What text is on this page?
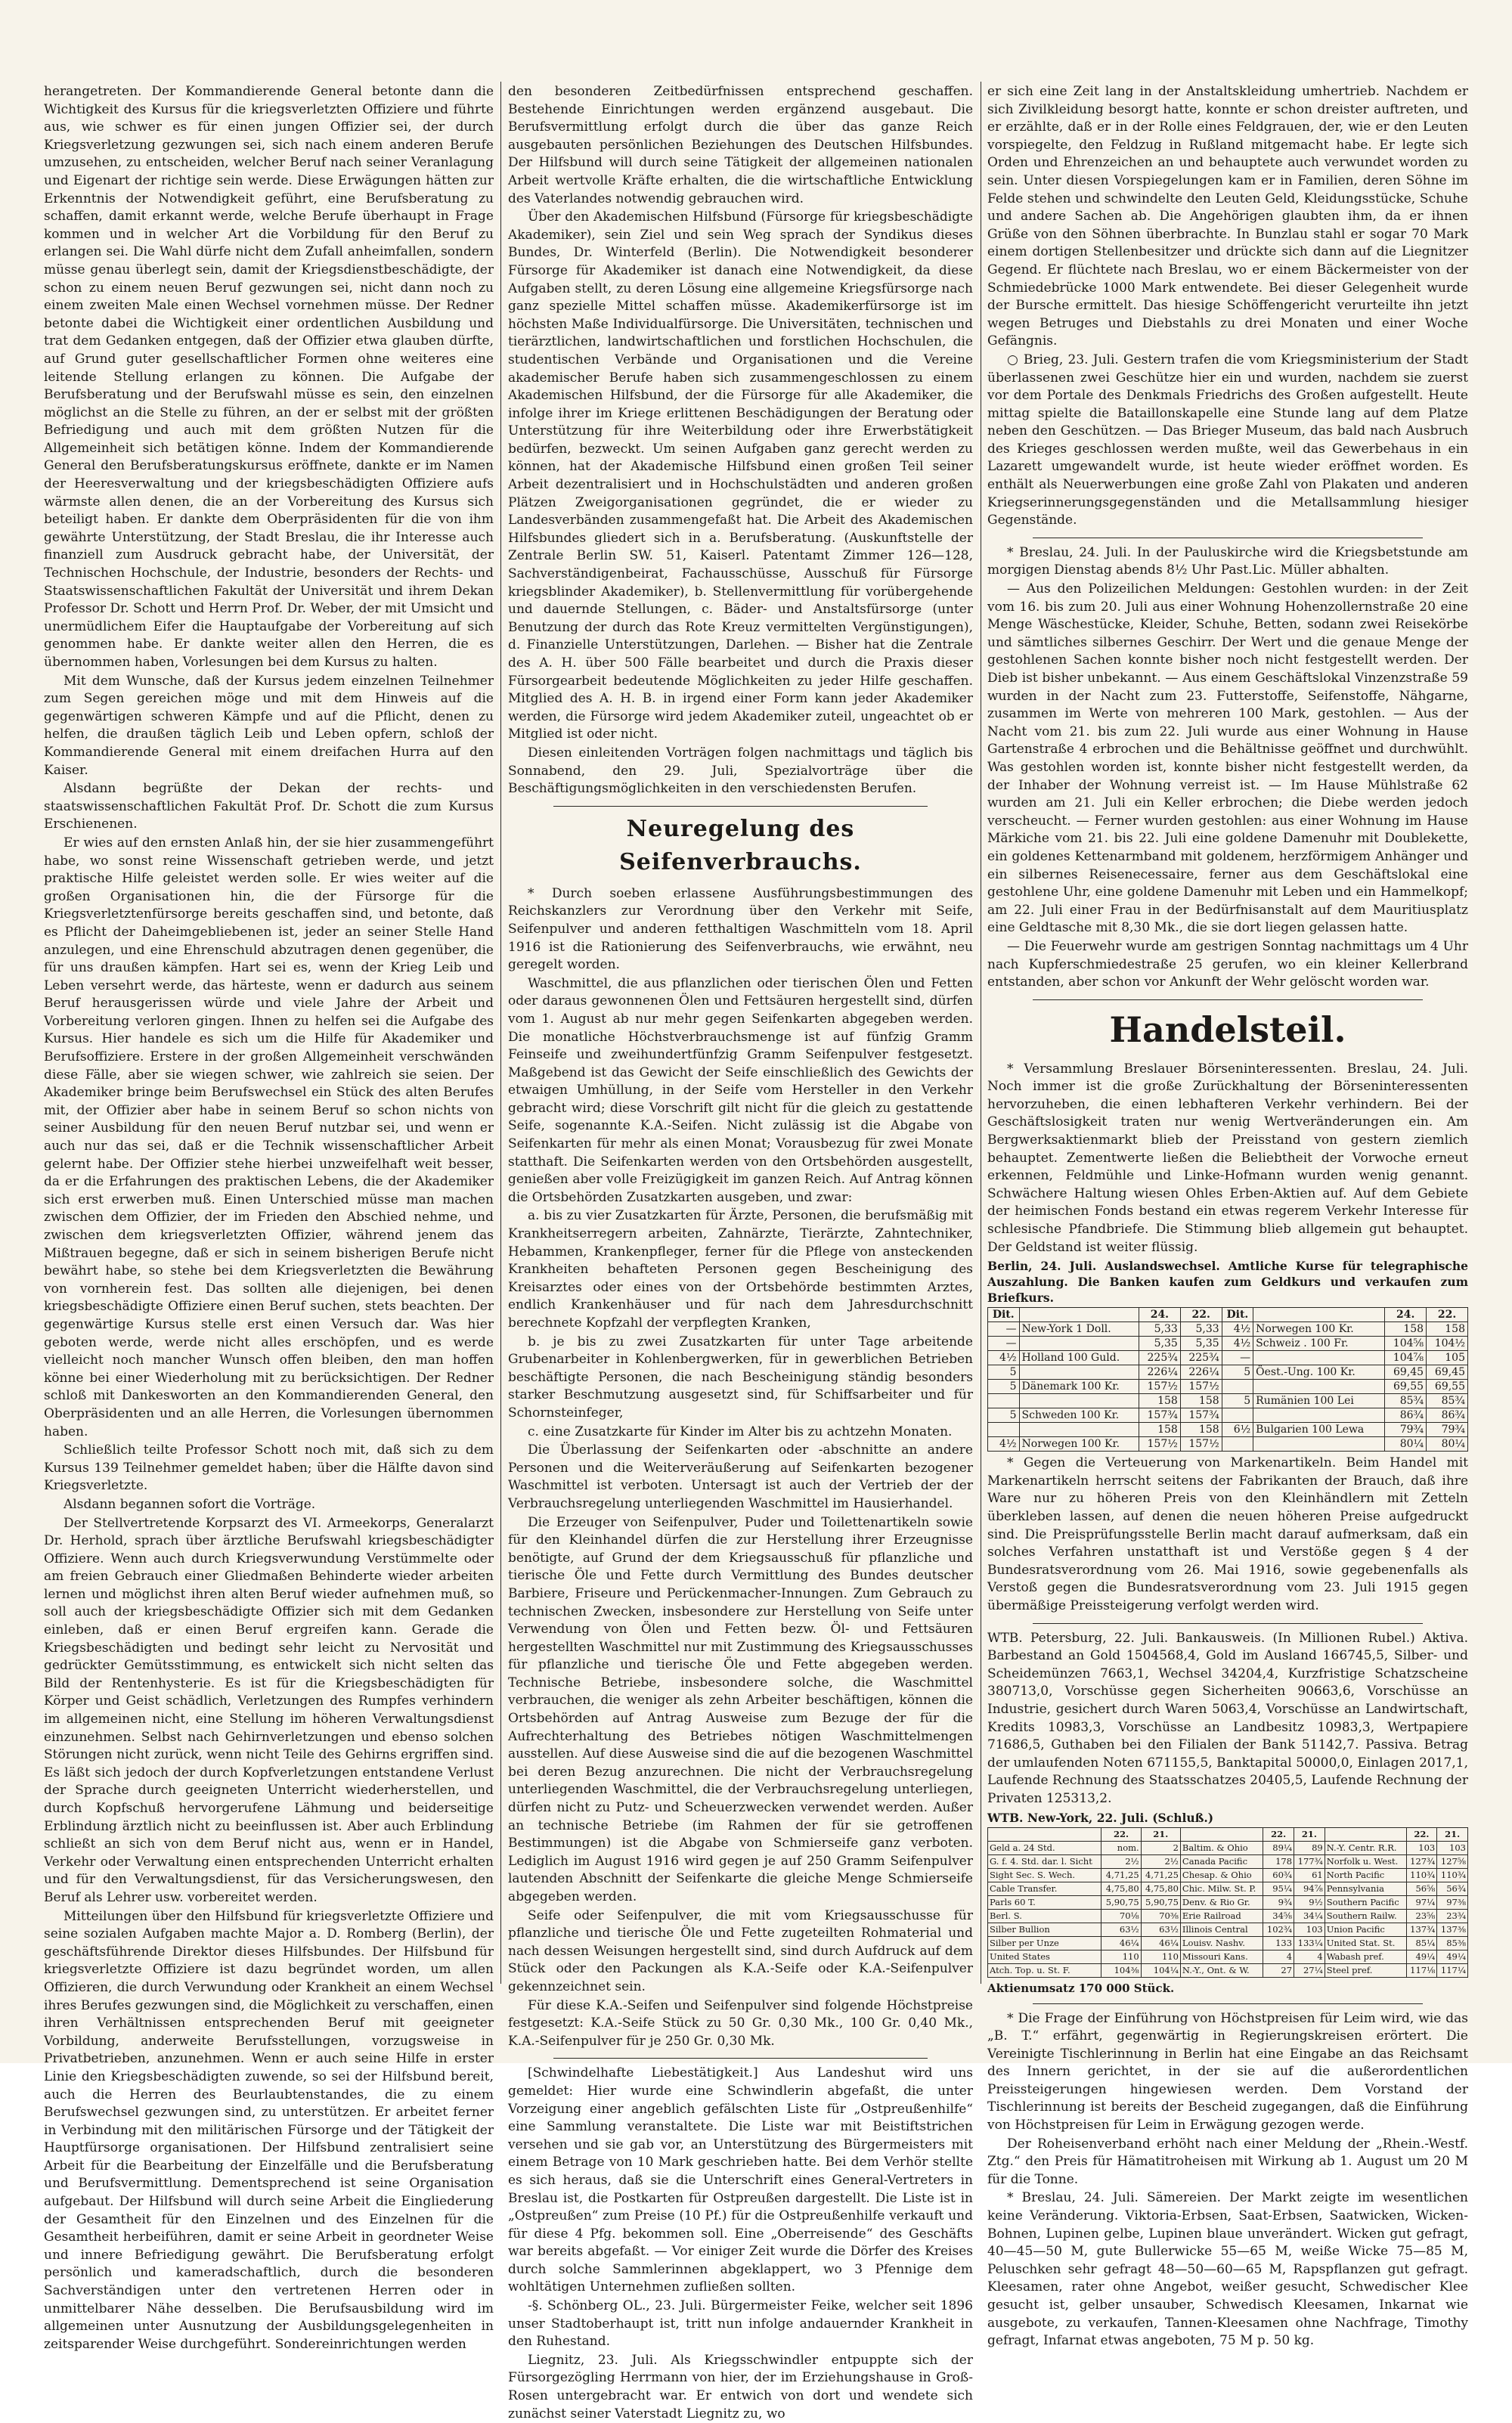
herangetreten. Der Kommandierende General betonte dann die Wichtigkeit des Kursus für die kriegsverletzten Offiziere und führte aus, wie schwer es für einen jungen Offizier sei, der durch Kriegsverletzung gezwungen sei, sich nach einem anderen Berufe umzusehen, zu entscheiden, welcher Beruf nach seiner Veranlagung und Eigenart der richtige sein werde. Diese Erwägungen hätten zur Erkenntnis der Notwendigkeit geführt, eine Berufsberatung zu schaffen, damit erkannt werde, welche Berufe überhaupt in Frage kommen und in welcher Art die Vorbildung für den Beruf zu erlangen sei. Die Wahl dürfe nicht dem Zufall anheimfallen, sondern müsse genau überlegt sein, damit der Kriegsdienstbeschädigte, der schon zu einem neuen Beruf gezwungen sei, nicht dann noch zu einem zweiten Male einen Wechsel vornehmen müsse. Der Redner betonte dabei die Wichtigkeit einer ordentlichen Ausbildung und trat dem Gedanken entgegen, daß der Offizier etwa glauben dürfte, auf Grund guter gesellschaftlicher Formen ohne weiteres eine leitende Stellung erlangen zu können. Die Aufgabe der Berufsberatung und der Berufswahl müsse es sein, den einzelnen möglichst an die Stelle zu führen, an der er selbst mit der größten Befriedigung und auch mit dem größten Nutzen für die Allgemeinheit sich betätigen könne. Indem der Kommandierende General den Berufsberatungskursus eröffnete, dankte er im Namen der Heeresverwaltung und der kriegsbeschädigten Offiziere aufs wärmste allen denen, die an der Vorbereitung des Kursus sich beteiligt haben. Er dankte dem Oberpräsidenten für die von ihm gewährte Unterstützung, der Stadt Breslau, die ihr Interesse auch finanziell zum Ausdruck gebracht habe, der Universität, der Technischen Hochschule, der Industrie, besonders der Rechts- und Staatswissenschaftlichen Fakultät der Universität und ihrem Dekan Professor Dr. Schott und Herrn Prof. Dr. Weber, der mit Umsicht und unermüdlichem Eifer die Hauptaufgabe der Vorbereitung auf sich genommen habe. Er dankte weiter allen den Herren, die es übernommen haben, Vorlesungen bei dem Kursus zu halten.

Mit dem Wunsche, daß der Kursus jedem einzelnen Teilnehmer zum Segen gereichen möge und mit dem Hinweis auf die gegenwärtigen schweren Kämpfe und auf die Pflicht, denen zu helfen, die draußen täglich Leib und Leben opfern, schloß der Kommandierende General mit einem dreifachen Hurra auf den Kaiser.

Alsdann begrüßte der Dekan der rechts- und staatswissenschaftlichen Fakultät Prof. Dr. Schott die zum Kursus Erschienenen.

Er wies auf den ernsten Anlaß hin, der sie hier zusammengeführt habe, wo sonst reine Wissenschaft getrieben werde, und jetzt praktische Hilfe geleistet werden solle. Er wies weiter auf die großen Organisationen hin, die der Fürsorge für die Kriegsverletztenfürsorge bereits geschaffen sind, und betonte, daß es Pflicht der Daheimgebliebenen ist, jeder an seiner Stelle Hand anzulegen, und eine Ehrenschuld abzutragen denen gegenüber, die für uns draußen kämpfen. Hart sei es, wenn der Krieg Leib und Leben versehrt werde, das härteste, wenn er dadurch aus seinem Beruf herausgerissen würde und viele Jahre der Arbeit und Vorbereitung verloren gingen. Ihnen zu helfen sei die Aufgabe des Kursus. Hier handele es sich um die Hilfe für Akademiker und Berufsoffiziere. Erstere in der großen Allgemeinheit verschwänden diese Fälle, aber sie wiegen schwer, wie zahlreich sie seien. Der Akademiker bringe beim Berufswechsel ein Stück des alten Berufes mit, der Offizier aber habe in seinem Beruf so schon nichts von seiner Ausbildung für den neuen Beruf nutzbar sei, und wenn er auch nur das sei, daß er die Technik wissenschaftlicher Arbeit gelernt habe. Der Offizier stehe hierbei unzweifelhaft weit besser, da er die Erfahrungen des praktischen Lebens, die der Akademiker sich erst erwerben muß. Einen Unterschied müsse man machen zwischen dem Offizier, der im Frieden den Abschied nehme, und zwischen dem kriegsverletzten Offizier, während jenem das Mißtrauen begegne, daß er sich in seinem bisherigen Berufe nicht bewährt habe, so stehe bei dem Kriegsverletzten die Bewährung von vornherein fest. Das sollten alle diejenigen, bei denen kriegsbeschädigte Offiziere einen Beruf suchen, stets beachten. Der gegenwärtige Kursus stelle erst einen Versuch dar. Was hier geboten werde, werde nicht alles erschöpfen, und es werde vielleicht noch mancher Wunsch offen bleiben, den man hoffen könne bei einer Wiederholung mit zu berücksichtigen. Der Redner schloß mit Dankesworten an den Kommandierenden General, den Oberpräsidenten und an alle Herren, die Vorlesungen übernommen haben.

Schließlich teilte Professor Schott noch mit, daß sich zu dem Kursus 139 Teilnehmer gemeldet haben; über die Hälfte davon sind Kriegsverletzte.

Alsdann begannen sofort die Vorträge.

Der Stellvertretende Korpsarzt des VI. Armeekorps, Generalarzt Dr. Herhold, sprach über ärztliche Berufswahl kriegsbeschädigter Offiziere. Wenn auch durch Kriegsverwundung Verstümmelte oder am freien Gebrauch einer Gliedmaßen Behinderte wieder arbeiten lernen und möglichst ihren alten Beruf wieder aufnehmen muß, so soll auch der kriegsbeschädigte Offizier sich mit dem Gedanken einleben, daß er einen Beruf ergreifen kann. Gerade die Kriegsbeschädigten und bedingt sehr leicht zu Nervosität und gedrückter Gemütsstimmung, es entwickelt sich nicht selten das Bild der Rentenhysterie. Es ist für die Kriegsbeschädigten für Körper und Geist schädlich, Verletzungen des Rumpfes verhindern im allgemeinen nicht, eine Stellung im höheren Verwaltungsdienst einzunehmen. Selbst nach Gehirnverletzungen und ebenso solchen Störungen nicht zurück, wenn nicht Teile des Gehirns ergriffen sind. Es läßt sich jedoch der durch Kopfverletzungen entstandene Verlust der Sprache durch geeigneten Unterricht wiederherstellen, und durch Kopfschuß hervorgerufene Lähmung und beiderseitige Erblindung ärztlich nicht zu beeinflussen ist. Aber auch Erblindung schließt an sich von dem Beruf nicht aus, wenn er in Handel, Verkehr oder Verwaltung einen entsprechenden Unterricht erhalten und für den Verwaltungsdienst, für das Versicherungswesen, den Beruf als Lehrer usw. vorbereitet werden.

Mitteilungen über den Hilfsbund für kriegsverletzte Offiziere und seine sozialen Aufgaben machte Major a. D. Romberg (Berlin), der geschäftsführende Direktor dieses Hilfsbundes. Der Hilfsbund für kriegsverletzte Offiziere ist dazu begründet worden, um allen Offizieren, die durch Verwundung oder Krankheit an einem Wechsel ihres Berufes gezwungen sind, die Möglichkeit zu verschaffen, einen ihren Verhältnissen entsprechenden Beruf mit geeigneter Vorbildung, anderweite Berufsstellungen, vorzugsweise in Privatbetrieben, anzunehmen. Wenn er auch seine Hilfe in erster Linie den Kriegsbeschädigten zuwende, so sei der Hilfsbund bereit, auch die Herren des Beurlaubtenstandes, die zu einem Berufswechsel gezwungen sind, zu unterstützen. Er arbeitet ferner in Verbindung mit den militärischen Fürsorge und der Tätigkeit der Hauptfürsorge organisationen. Der Hilfsbund zentralisiert seine Arbeit für die Bearbeitung der Einzelfälle und die Berufsberatung und Berufsvermittlung. Dementsprechend ist seine Organisation aufgebaut. Der Hilfsbund will durch seine Arbeit die Eingliederung der Gesamtheit für den Einzelnen und des Einzelnen für die Gesamtheit herbeiführen, damit er seine Arbeit in geordneter Weise und innere Befriedigung gewährt. Die Berufsberatung erfolgt persönlich und kameradschaftlich, durch die besonderen Sachverständigen unter den vertretenen Herren oder in unmittelbarer Nähe desselben. Die Berufsausbildung wird im allgemeinen unter Ausnutzung der Ausbildungsgelegenheiten in zeitsparender Weise durchgeführt. Sondereinrichtungen werden

den besonderen Zeitbedürfnissen entsprechend geschaffen. Bestehende Einrichtungen werden ergänzend ausgebaut. Die Berufsvermittlung erfolgt durch die über das ganze Reich ausgebauten persönlichen Beziehungen des Deutschen Hilfsbundes. Der Hilfsbund will durch seine Tätigkeit der allgemeinen nationalen Arbeit wertvolle Kräfte erhalten, die die wirtschaftliche Entwicklung des Vaterlandes notwendig gebrauchen wird.

Über den Akademischen Hilfsbund (Fürsorge für kriegsbeschädigte Akademiker), sein Ziel und sein Weg sprach der Syndikus dieses Bundes, Dr. Winterfeld (Berlin). Die Notwendigkeit besonderer Fürsorge für Akademiker ist danach eine Notwendigkeit, da diese Aufgaben stellt, zu deren Lösung eine allgemeine Kriegsfürsorge nach ganz spezielle Mittel schaffen müsse. Akademikerfürsorge ist im höchsten Maße Individualfürsorge. Die Universitäten, technischen und tierärztlichen, landwirtschaftlichen und forstlichen Hochschulen, die studentischen Verbände und Organisationen und die Vereine akademischer Berufe haben sich zusammengeschlossen zu einem Akademischen Hilfsbund, der die Fürsorge für alle Akademiker, die infolge ihrer im Kriege erlittenen Beschädigungen der Beratung oder Unterstützung für ihre Weiterbildung oder ihre Erwerbstätigkeit bedürfen, bezweckt. Um seinen Aufgaben ganz gerecht werden zu können, hat der Akademische Hilfsbund einen großen Teil seiner Arbeit dezentralisiert und in Hochschulstädten und anderen großen Plätzen Zweigorganisationen gegründet, die er wieder zu Landesverbänden zusammengefaßt hat. Die Arbeit des Akademischen Hilfsbundes gliedert sich in a. Berufsberatung. (Auskunftstelle der Zentrale Berlin SW. 51, Kaiserl. Patentamt Zimmer 126—128, Sachverständigenbeirat, Fachausschüsse, Ausschuß für Fürsorge kriegsblinder Akademiker), b. Stellenvermittlung für vorübergehende und dauernde Stellungen, c. Bäder- und Anstaltsfürsorge (unter Benutzung der durch das Rote Kreuz vermittelten Vergünstigungen), d. Finanzielle Unterstützungen, Darlehen. — Bisher hat die Zentrale des A. H. über 500 Fälle bearbeitet und durch die Praxis dieser Fürsorgearbeit bedeutende Möglichkeiten zu jeder Hilfe geschaffen. Mitglied des A. H. B. in irgend einer Form kann jeder Akademiker werden, die Fürsorge wird jedem Akademiker zuteil, ungeachtet ob er Mitglied ist oder nicht.

Diesen einleitenden Vorträgen folgen nachmittags und täglich bis Sonnabend, den 29. Juli, Spezialvorträge über die Beschäftigungsmöglichkeiten in den verschiedensten Berufen.

Neuregelung des Seifenverbrauchs.

* Durch soeben erlassene Ausführungsbestimmungen des Reichskanzlers zur Verordnung über den Verkehr mit Seife, Seifenpulver und anderen fetthaltigen Waschmitteln vom 18. April 1916 ist die Rationierung des Seifenverbrauchs, wie erwähnt, neu geregelt worden.

Waschmittel, die aus pflanzlichen oder tierischen Ölen und Fetten oder daraus gewonnenen Ölen und Fettsäuren hergestellt sind, dürfen vom 1. August ab nur mehr gegen Seifenkarten abgegeben werden. Die monatliche Höchstverbrauchsmenge ist auf fünfzig Gramm Feinseife und zweihundertfünfzig Gramm Seifenpulver festgesetzt. Maßgebend ist das Gewicht der Seife einschließlich des Gewichts der etwaigen Umhüllung, in der Seife vom Hersteller in den Verkehr gebracht wird; diese Vorschrift gilt nicht für die gleich zu gestattende Seife, sogenannte K.A.-Seifen. Nicht zulässig ist die Abgabe von Seifenkarten für mehr als einen Monat; Vorausbezug für zwei Monate statthaft. Die Seifenkarten werden von den Ortsbehörden ausgestellt, genießen aber volle Freizügigkeit im ganzen Reich. Auf Antrag können die Ortsbehörden Zusatzkarten ausgeben, und zwar:

a. bis zu vier Zusatzkarten für Ärzte, Personen, die berufsmäßig mit Krankheitserregern arbeiten, Zahnärzte, Tierärzte, Zahntechniker, Hebammen, Krankenpfleger, ferner für die Pflege von ansteckenden Krankheiten behafteten Personen gegen Bescheinigung des Kreisarztes oder eines von der Ortsbehörde bestimmten Arztes, endlich Krankenhäuser und für nach dem Jahresdurchschnitt berechnete Kopfzahl der verpflegten Kranken,

b. je bis zu zwei Zusatzkarten für unter Tage arbeitende Grubenarbeiter in Kohlenbergwerken, für in gewerblichen Betrieben beschäftigte Personen, die nach Bescheinigung ständig besonders starker Beschmutzung ausgesetzt sind, für Schiffsarbeiter und für Schornsteinfeger,

c. eine Zusatzkarte für Kinder im Alter bis zu achtzehn Monaten.

Die Überlassung der Seifenkarten oder -abschnitte an andere Personen und die Weiterveräußerung auf Seifenkarten bezogener Waschmittel ist verboten. Untersagt ist auch der Vertrieb der der Verbrauchsregelung unterliegenden Waschmittel im Hausierhandel.

Die Erzeuger von Seifenpulver, Puder und Toilettenartikeln sowie für den Kleinhandel dürfen die zur Herstellung ihrer Erzeugnisse benötigte, auf Grund der dem Kriegsausschuß für pflanzliche und tierische Öle und Fette durch Vermittlung des Bundes deutscher Barbiere, Friseure und Perückenmacher-Innungen. Zum Gebrauch zu technischen Zwecken, insbesondere zur Herstellung von Seife unter Verwendung von Ölen und Fetten bezw. Öl- und Fettsäuren hergestellten Waschmittel nur mit Zustimmung des Kriegsausschusses für pflanzliche und tierische Öle und Fette abgegeben werden. Technische Betriebe, insbesondere solche, die Waschmittel verbrauchen, die weniger als zehn Arbeiter beschäftigen, können die Ortsbehörden auf Antrag Ausweise zum Bezuge der für die Aufrechterhaltung des Betriebes nötigen Waschmittelmengen ausstellen. Auf diese Ausweise sind die auf die bezogenen Waschmittel bei deren Bezug anzurechnen. Die nicht der Verbrauchsregelung unterliegenden Waschmittel, die der Verbrauchsregelung unterliegen, dürfen nicht zu Putz- und Scheuerzwecken verwendet werden. Außer an technische Betriebe (im Rahmen der für sie getroffenen Bestimmungen) ist die Abgabe von Schmierseife ganz verboten. Lediglich im August 1916 wird gegen je auf 250 Gramm Seifenpulver lautenden Abschnitt der Seifenkarte die gleiche Menge Schmierseife abgegeben werden.

Seife oder Seifenpulver, die mit vom Kriegsausschusse für pflanzliche und tierische Öle und Fette zugeteilten Rohmaterial und nach dessen Weisungen hergestellt sind, sind durch Aufdruck auf dem Stück oder den Packungen als K.A.-Seife oder K.A.-Seifenpulver gekennzeichnet sein.

Für diese K.A.-Seifen und Seifenpulver sind folgende Höchstpreise festgesetzt: K.A.-Seife Stück zu 50 Gr. 0,30 Mk., 100 Gr. 0,40 Mk., K.A.-Seifenpulver für je 250 Gr. 0,30 Mk.

[Schwindelhafte Liebestätigkeit.] Aus Landeshut wird uns gemeldet: Hier wurde eine Schwindlerin abgefaßt, die unter Vorzeigung einer angeblich gefälschten Liste für „Ostpreußenhilfe“ eine Sammlung veranstaltete. Die Liste war mit Beistiftstrichen versehen und sie gab vor, an Unterstützung des Bürgermeisters mit einem Betrage von 10 Mark geschrieben hatte. Bei dem Verhör stellte es sich heraus, daß sie die Unterschrift eines General-Vertreters in Breslau ist, die Postkarten für Ostpreußen dargestellt. Die Liste ist in „Ostpreußen“ zum Preise (10 Pf.) für die Ostpreußenhilfe verkauft und für diese 4 Pfg. bekommen soll. Eine „Oberreisende“ des Geschäfts war bereits abgefaßt. — Vor einiger Zeit wurde die Dörfer des Kreises durch solche Sammlerinnen abgeklappert, wo 3 Pfennige dem wohltätigen Unternehmen zufließen sollten.

-§. Schönberg OL., 23. Juli. Bürgermeister Feike, welcher seit 1896 unser Stadtoberhaupt ist, tritt nun infolge andauernder Krankheit in den Ruhestand.

Liegnitz, 23. Juli. Als Kriegsschwindler entpuppte sich der Fürsorgezögling Herrmann von hier, der im Erziehungshause in Groß-Rosen untergebracht war. Er entwich von dort und wendete sich zunächst seiner Vaterstadt Liegnitz zu, wo

er sich eine Zeit lang in der Anstaltskleidung umhertrieb. Nachdem er sich Zivilkleidung besorgt hatte, konnte er schon dreister auftreten, und er erzählte, daß er in der Rolle eines Feldgrauen, der, wie er den Leuten vorspiegelte, den Feldzug in Rußland mitgemacht habe. Er legte sich Orden und Ehrenzeichen an und behauptete auch verwundet worden zu sein. Unter diesen Vorspiegelungen kam er in Familien, deren Söhne im Felde stehen und schwindelte den Leuten Geld, Kleidungsstücke, Schuhe und andere Sachen ab. Die Angehörigen glaubten ihm, da er ihnen Grüße von den Söhnen überbrachte. In Bunzlau stahl er sogar 70 Mark einem dortigen Stellenbesitzer und drückte sich dann auf die Liegnitzer Gegend. Er flüchtete nach Breslau, wo er einem Bäckermeister von der Schmiedebrücke 1000 Mark entwendete. Bei dieser Gelegenheit wurde der Bursche ermittelt. Das hiesige Schöffengericht verurteilte ihn jetzt wegen Betruges und Diebstahls zu drei Monaten und einer Woche Gefängnis.

○ Brieg, 23. Juli. Gestern trafen die vom Kriegsministerium der Stadt überlassenen zwei Geschütze hier ein und wurden, nachdem sie zuerst vor dem Portale des Denkmals Friedrichs des Großen aufgestellt. Heute mittag spielte die Bataillonskapelle eine Stunde lang auf dem Platze neben den Geschützen. — Das Brieger Museum, das bald nach Ausbruch des Krieges geschlossen werden mußte, weil das Gewerbehaus in ein Lazarett umgewandelt wurde, ist heute wieder eröffnet worden. Es enthält als Neuerwerbungen eine große Zahl von Plakaten und anderen Kriegserinnerungsgegenständen und die Metallsammlung hiesiger Gegenstände.

* Breslau, 24. Juli. In der Pauluskirche wird die Kriegsbetstunde am morgigen Dienstag abends 8½ Uhr Past.Lic. Müller abhalten.

— Aus den Polizeilichen Meldungen: Gestohlen wurden: in der Zeit vom 16. bis zum 20. Juli aus einer Wohnung Hohenzollernstraße 20 eine Menge Wäschestücke, Kleider, Schuhe, Betten, sodann zwei Reisekörbe und sämtliches silbernes Geschirr. Der Wert und die genaue Menge der gestohlenen Sachen konnte bisher noch nicht festgestellt werden. Der Dieb ist bisher unbekannt. — Aus einem Geschäftslokal Vinzenzstraße 59 wurden in der Nacht zum 23. Futterstoffe, Seifenstoffe, Nähgarne, zusammen im Werte von mehreren 100 Mark, gestohlen. — Aus der Nacht vom 21. bis zum 22. Juli wurde aus einer Wohnung in Hause Gartenstraße 4 erbrochen und die Behältnisse geöffnet und durchwühlt. Was gestohlen worden ist, konnte bisher nicht festgestellt werden, da der Inhaber der Wohnung verreist ist. — Im Hause Mühlstraße 62 wurden am 21. Juli ein Keller erbrochen; die Diebe werden jedoch verscheucht. — Ferner wurden gestohlen: aus einer Wohnung im Hause Märkiche vom 21. bis 22. Juli eine goldene Damenuhr mit Doublekette, ein goldenes Kettenarmband mit goldenem, herzförmigem Anhänger und ein silbernes Reisenecessaire, ferner aus dem Geschäftslokal eine gestohlene Uhr, eine goldene Damenuhr mit Leben und ein Hammelkopf; am 22. Juli einer Frau in der Bedürfnisanstalt auf dem Mauritiusplatz eine Geldtasche mit 8,30 Mk., die sie dort liegen gelassen hatte.

— Die Feuerwehr wurde am gestrigen Sonntag nachmittags um 4 Uhr nach Kupferschmiedestraße 25 gerufen, wo ein kleiner Kellerbrand entstanden, aber schon vor Ankunft der Wehr gelöscht worden war.

Handelsteil.

* Versammlung Breslauer Börseninteressenten. Breslau, 24. Juli. Noch immer ist die große Zurückhaltung der Börseninteressenten hervorzuheben, die einen lebhafteren Verkehr verhindern. Bei der Geschäftslosigkeit traten nur wenig Wertveränderungen ein. Am Bergwerksaktienmarkt blieb der Preisstand von gestern ziemlich behauptet. Zementwerte ließen die Beliebtheit der Vorwoche erneut erkennen, Feldmühle und Linke-Hofmann wurden wenig genannt. Schwächere Haltung wiesen Ohles Erben-Aktien auf. Auf dem Gebiete der heimischen Fonds bestand ein etwas regerem Verkehr Interesse für schlesische Pfandbriefe. Die Stimmung blieb allgemein gut behauptet. Der Geldstand ist weiter flüssig.

Berlin, 24. Juli. Auslandswechsel. Amtliche Kurse für telegraphische Auszahlung. Die Banken kaufen zum Geldkurs und verkaufen zum Briefkurs.

Dit.		24.	22.	Dit.		24.	22.
—	New-York 1 Doll.	5,33	5,33	4½	Norwegen 100 Kr.	158	158
—		5,35	5,35	4½	Schweiz . 100 Fr.	104⅝	104½
4½	Holland 100 Guld.	225¾	225¾	—		104⅞	105
5		226¼	226¼	5	Öest.-Ung. 100 Kr.	69,45	69,45
5	Dänemark 100 Kr.	157½	157½			69,55	69,55
		158	158	5	Rumänien 100 Lei	85¾	85¾
5	Schweden 100 Kr.	157¾	157¾			86¾	86¾
		158	158	6½	Bulgarien 100 Lewa	79¾	79¾
4½	Norwegen 100 Kr.	157½	157½			80¼	80¼

* Gegen die Verteuerung von Markenartikeln. Beim Handel mit Markenartikeln herrscht seitens der Fabrikanten der Brauch, daß ihre Ware nur zu höheren Preis von den Kleinhändlern mit Zetteln überkleben lassen, auf denen die neuen höheren Preise aufgedruckt sind. Die Preisprüfungsstelle Berlin macht darauf aufmerksam, daß ein solches Verfahren unstatthaft ist und Verstöße gegen § 4 der Bundesratsverordnung vom 26. Mai 1916, sowie gegebenenfalls als Verstoß gegen die Bundesratsverordnung vom 23. Juli 1915 gegen übermäßige Preissteigerung verfolgt werden wird.

WTB. Petersburg, 22. Juli. Bankausweis. (In Millionen Rubel.) Aktiva. Barbestand an Gold 1504568,4, Gold im Ausland 166745,5, Silber- und Scheidemünzen 7663,1, Wechsel 34204,4, Kurzfristige Schatzscheine 380713,0, Vorschüsse gegen Sicherheiten 90663,6, Vorschüsse an Industrie, gesichert durch Waren 5063,4, Vorschüsse an Landwirtschaft, Kredits 10983,3, Vorschüsse an Landbesitz 10983,3, Wertpapiere 71686,5, Guthaben bei den Filialen der Bank 51142,7. Passiva. Betrag der umlaufenden Noten 671155,5, Banktapital 50000,0, Einlagen 2017,1, Laufende Rechnung des Staatsschatzes 20405,5, Laufende Rechnung der Privaten 125313,2.

WTB. New-York, 22. Juli. (Schluß.)

	22.	21.		22.	21.		22.	21.
Geld a. 24 Std.	nom.	2	Baltim. & Ohio	89¼	89	N.-Y. Centr. R.R.	103	103
G. f. 4. Std. dar. l. Sicht	2½	2½	Canada Pacific	178	177¾	Norfolk u. West.	127¾	127⅝
Sight Sec. S. Wech.	4,71,25	4,71,25	Chesap. & Ohio	60¾	61	North Pacific	110¾	110¾
Cable Transfer.	4,75,80	4,75,80	Chic. Milw. St. P.	95¼	94⅞	Pennsylvania	56⅝	56¾
Parls 60 T.	5,90,75	5,90,75	Denv. & Rio Gr.	9¾	9½	Southern Pacific	97¼	97⅜
Berl. S.	70⅛	70⅜	Erie Railroad	34⅝	34¼	Southern Railw.	23⅝	23¾
Silber Bullion	63½	63½	Illinois Central	102¾	103	Union Pacific	137¾	137⅜
Silber per Unze	46¼	46¼	Louisv. Nashv.	133	133¼	United Stat. St.	85¼	85⅜
United States	110	110	Missouri Kans.	4	4	Wabash pref.	49¼	49¼
Atch. Top. u. St. F.	104⅜	104¼	N.-Y., Ont. & W.	27	27¼	Steel pref.	117⅛	117¼

Aktienumsatz 170 000 Stück.

* Die Frage der Einführung von Höchstpreisen für Leim wird, wie das „B. T.“ erfährt, gegenwärtig in Regierungskreisen erörtert. Die Vereinigte Tischlerinnung in Berlin hat eine Eingabe an das Reichsamt des Innern gerichtet, in der sie auf die außerordentlichen Preissteigerungen hingewiesen werden. Dem Vorstand der Tischlerinnung ist bereits der Bescheid zugegangen, daß die Einführung von Höchstpreisen für Leim in Erwägung gezogen werde.

Der Roheisenverband erhöht nach einer Meldung der „Rhein.-Westf. Ztg.“ den Preis für Hämatitroheisen mit Wirkung ab 1. August um 20 M für die Tonne.

* Breslau, 24. Juli. Sämereien. Der Markt zeigte im wesentlichen keine Veränderung. Viktoria-Erbsen, Saat-Erbsen, Saatwicken, Wicken-Bohnen, Lupinen gelbe, Lupinen blaue unverändert. Wicken gut gefragt, 40—45—50 M, gute Bullerwicke 55—65 M, weiße Wicke 75—85 M, Peluschken sehr gefragt 48—50—60—65 M, Rapspflanzen gut gefragt. Kleesamen, rater ohne Angebot, weißer gesucht, Schwedischer Klee gesucht ist, gelber unsauber, Schwedisch Kleesamen, Inkarnat wie ausgebote, zu verkaufen, Tannen-Kleesamen ohne Nachfrage, Timothy gefragt, Infarnat etwas angeboten, 75 M p. 50 kg.
